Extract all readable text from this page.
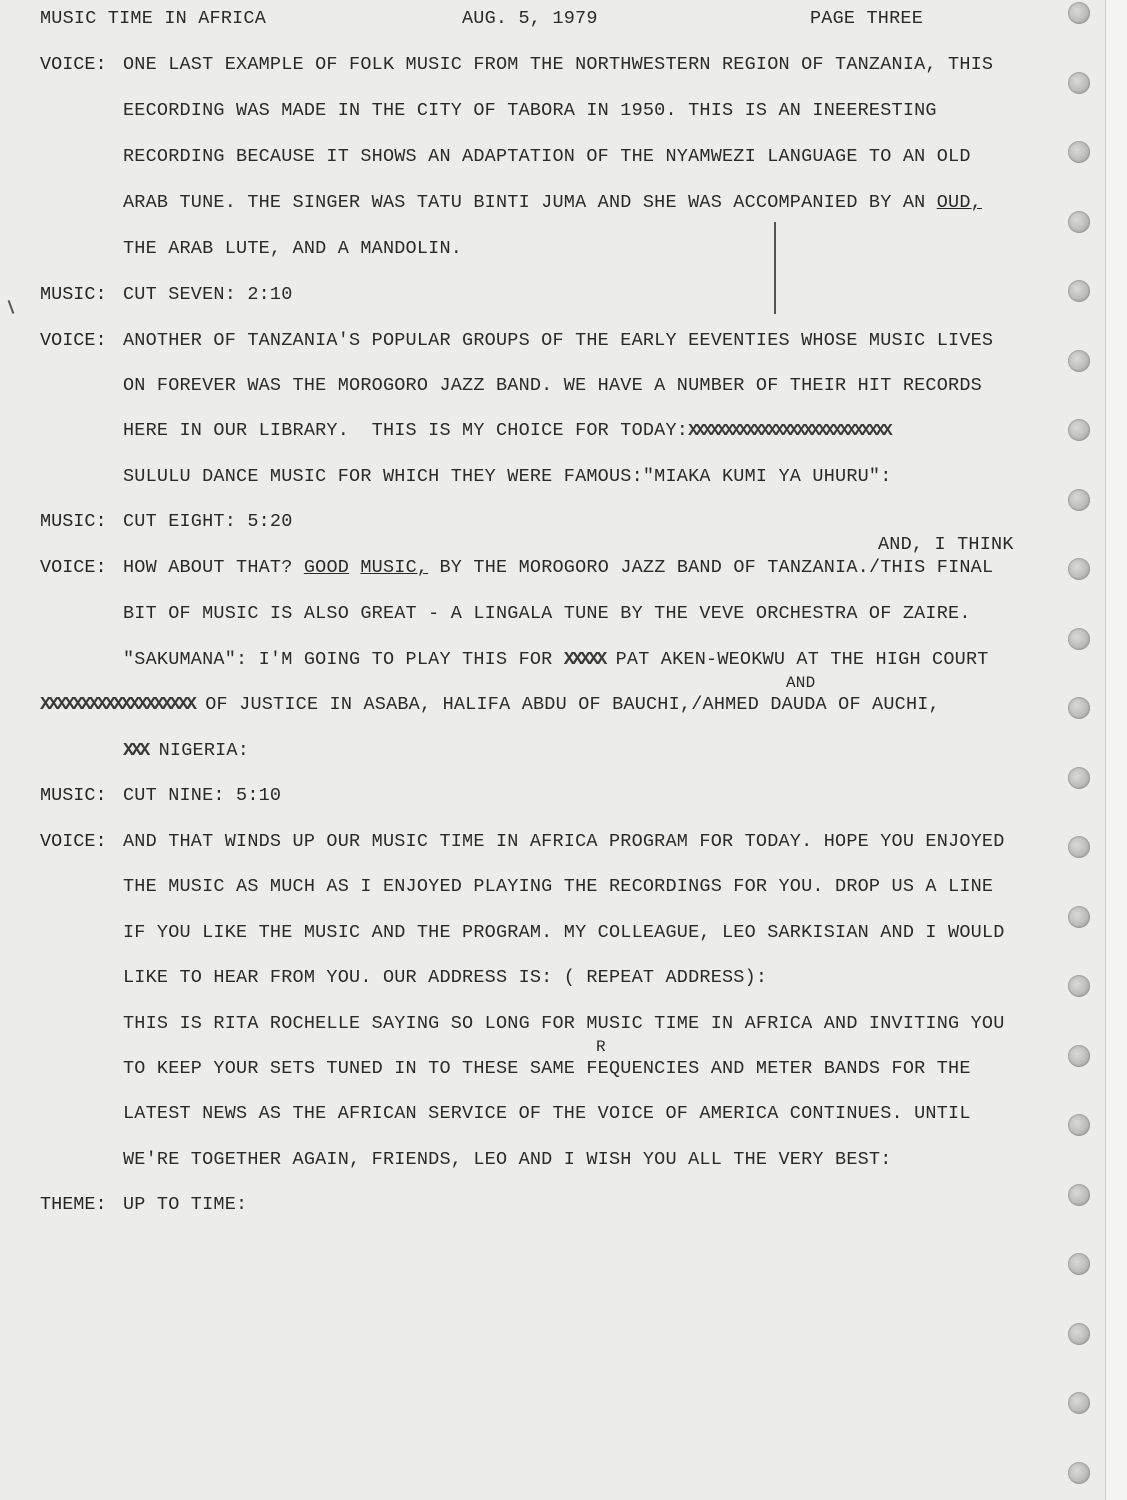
MUSIC TIME IN AFRICA	AUG. 5, 1979	PAGE THREE
VOICE: ONE LAST EXAMPLE OF FOLK MUSIC FROM THE NORTHWESTERN REGION OF TANZANIA, THIS
EECORDING WAS MADE IN THE CITY OF TABORA IN 1950. THIS IS AN INEERESTING
RECORDING BECAUSE IT SHOWS AN ADAPTATION OF THE NYAMWEZI LANGUAGE TO AN OLD
ARAB TUNE. THE SINGER WAS TATU BINTI JUMA AND SHE WAS ACCOMPANIED BY AN OUD,
THE ARAB LUTE, AND A MANDOLIN.
MUSIC: CUT SEVEN: 2:10
VOICE: ANOTHER OF TANZANIA'S POPULAR GROUPS OF THE EARLY EEVENTIES WHOSE MUSIC LIVES
ON FOREVER WAS THE MOROGORO JAZZ BAND. WE HAVE A NUMBER OF THEIR HIT RECORDS
HERE IN OUR LIBRARY.  THIS IS MY CHOICE FOR TODAY:XXXXXXXXXXXXXXXXXXXXXXXXXXXX
SULULU DANCE MUSIC FOR WHICH THEY WERE FAMOUS:"MIAKA KUMI YA UHURU":
MUSIC: CUT EIGHT: 5:20
AND, I THINK
VOICE: HOW ABOUT THAT? GOOD MUSIC, BY THE MOROGORO JAZZ BAND OF TANZANIA./THIS FINAL
BIT OF MUSIC IS ALSO GREAT - A LINGALA TUNE BY THE VEVE ORCHESTRA OF ZAIRE.
"SAKUMANA": I'M GOING TO PLAY THIS FOR XXXXX PAT AKEN-WEOKWU AT THE HIGH COURT
AND
XXXXXXXXXXXXXXXXXXX OF JUSTICE IN ASABA, HALIFA ABDU OF BAUCHI,/AHMED DAUDA OF AUCHI,
XXX NIGERIA:
MUSIC: CUT NINE: 5:10
VOICE: AND THAT WINDS UP OUR MUSIC TIME IN AFRICA PROGRAM FOR TODAY. HOPE YOU ENJOYED
THE MUSIC AS MUCH AS I ENJOYED PLAYING THE RECORDINGS FOR YOU. DROP US A LINE
IF YOU LIKE THE MUSIC AND THE PROGRAM. MY COLLEAGUE, LEO SARKISIAN AND I WOULD
LIKE TO HEAR FROM YOU. OUR ADDRESS IS: ( REPEAT ADDRESS):
THIS IS RITA ROCHELLE SAYING SO LONG FOR MUSIC TIME IN AFRICA AND INVITING YOU
R
TO KEEP YOUR SETS TUNED IN TO THESE SAME FEQUENCIES AND METER BANDS FOR THE
LATEST NEWS AS THE AFRICAN SERVICE OF THE VOICE OF AMERICA CONTINUES. UNTIL
WE'RE TOGETHER AGAIN, FRIENDS, LEO AND I WISH YOU ALL THE VERY BEST:
THEME: UP TO TIME:
